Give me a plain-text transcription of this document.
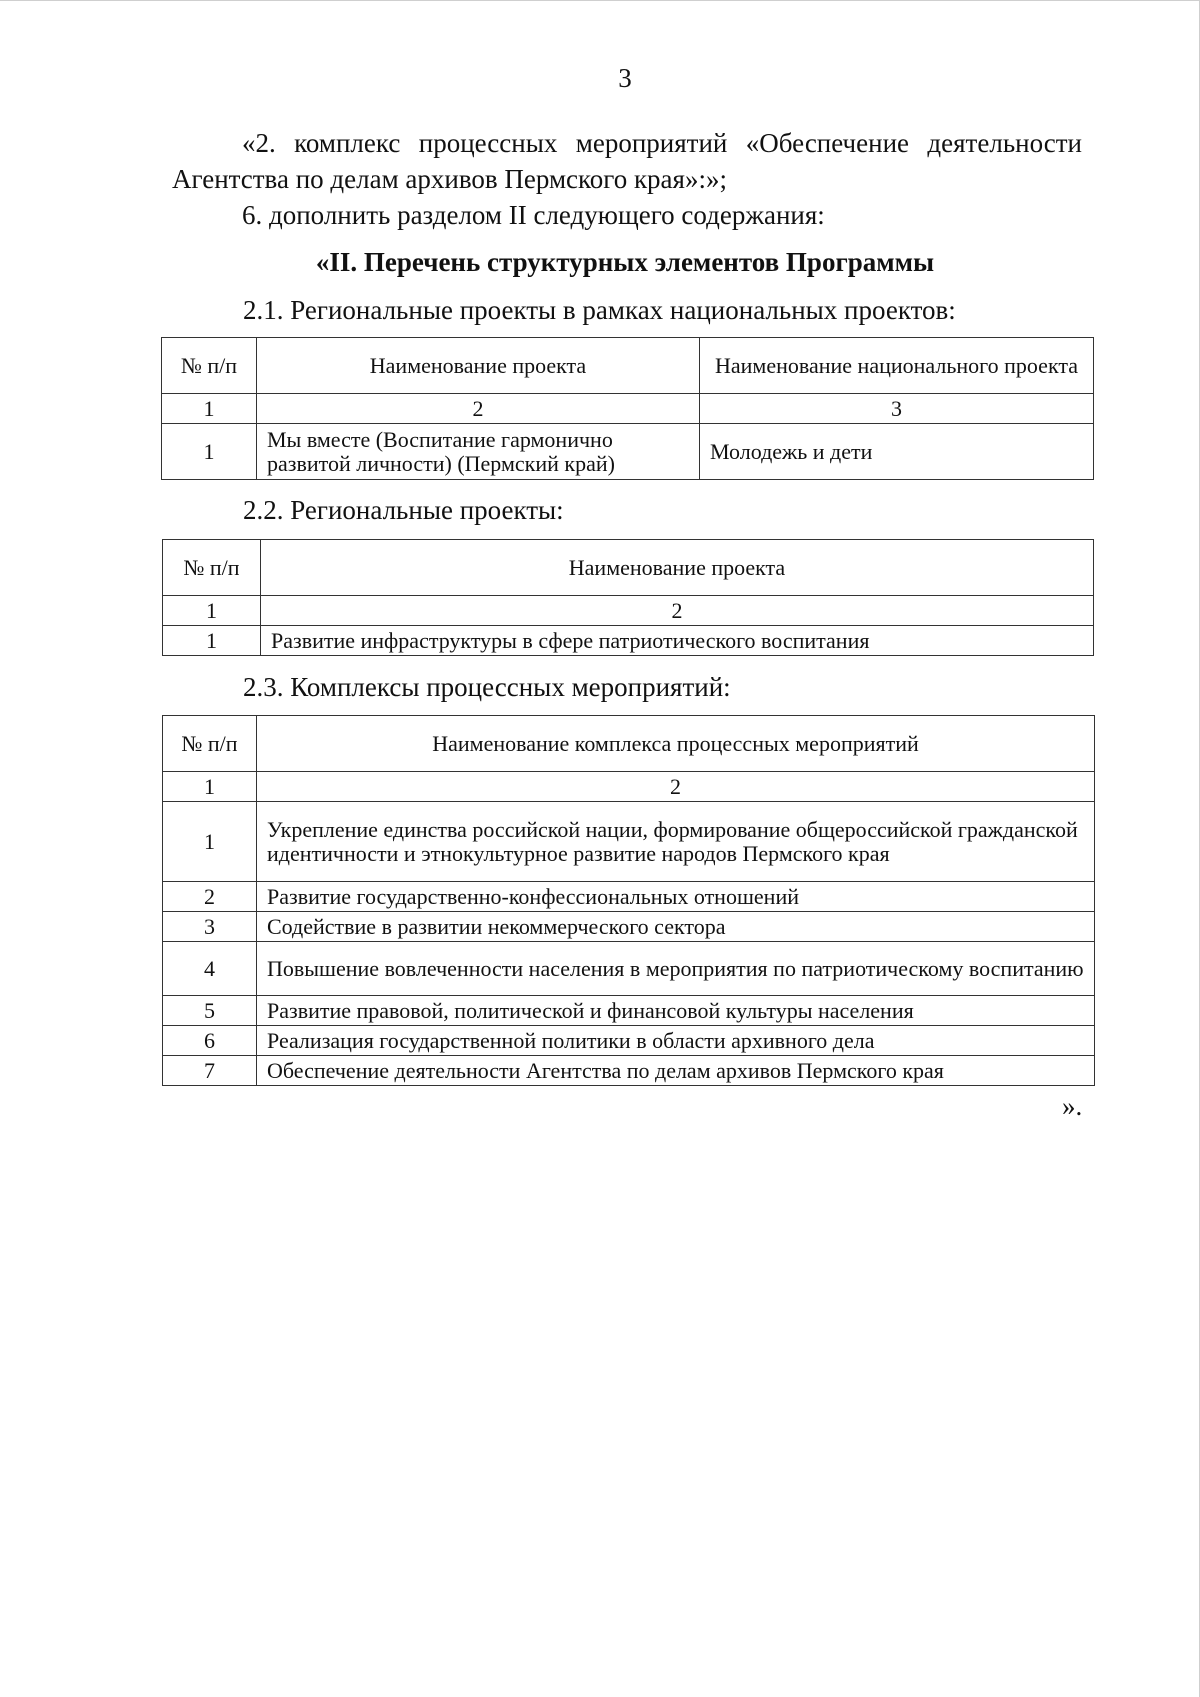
3
«2. комплекс процессных мероприятий «Обеспечение деятельности Агентства по делам архивов Пермского края»:»;
6. дополнить разделом II следующего содержания:
«II. Перечень структурных элементов Программы
2.1. Региональные проекты в рамках национальных проектов:
№ п/п	Наименование проекта	Наименование национального проекта
1	2	3
1	Мы вместе (Воспитание гармонично развитой личности) (Пермский край)	Молодежь и дети
2.2. Региональные проекты:
№ п/п	Наименование проекта
1	2
1	Развитие инфраструктуры в сфере патриотического воспитания
2.3. Комплексы процессных мероприятий:
№ п/п	Наименование комплекса процессных мероприятий
1	2
1	Укрепление единства российской нации, формирование общероссийской гражданской идентичности и этнокультурное развитие народов Пермского края
2	Развитие государственно-конфессиональных отношений
3	Содействие в развитии некоммерческого сектора
4	Повышение вовлеченности населения в мероприятия по патриотическому воспитанию
5	Развитие правовой, политической и финансовой культуры населения
6	Реализация государственной политики в области архивного дела
7	Обеспечение деятельности Агентства по делам архивов Пермского края
».
